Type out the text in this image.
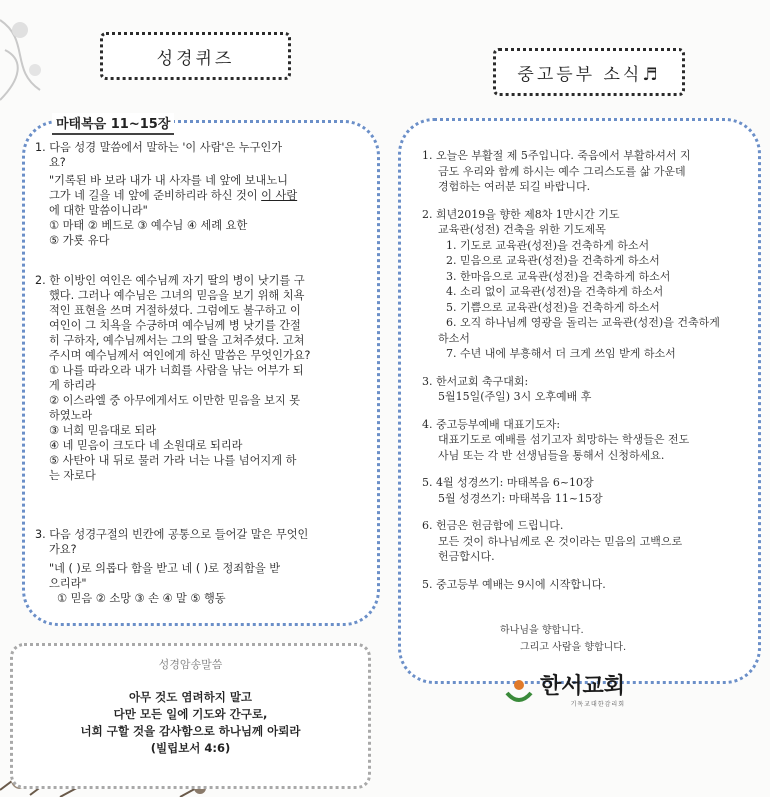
성경퀴즈
마태복음 11~15장

1. 다음 성경 말씀에서 말하는 '이 사람'은 누구인가

요?

"기록된 바 보라 내가 내 사자를 네 앞에 보내노니

그가 네 길을 네 앞에 준비하리라 하신 것이 이 사람

에 대한 말씀이니라"

① 마태 ② 베드로 ③ 예수님 ④ 세례 요한

⑤ 가룟 유다

2. 한 이방인 여인은 예수님께 자기 딸의 병이 낫기를 구

했다. 그러나 예수님은 그녀의 믿음을 보기 위해 치욕

적인 표현을 쓰며 거절하셨다. 그럼에도 불구하고 이

여인이 그 치욕을 수긍하며 예수님께 병 낫기를 간절

히 구하자, 예수님께서는 그의 딸을 고쳐주셨다. 고쳐

주시며 예수님께서 여인에게 하신 말씀은 무엇인가요?

① 나를 따라오라 내가 너희를 사람을 낚는 어부가 되

게 하리라

② 이스라엘 중 아무에게서도 이만한 믿음을 보지 못

하였노라

③ 너희 믿음대로 되라

④ 네 믿음이 크도다 네 소원대로 되리라

⑤ 사탄아 내 뒤로 물러 가라 너는 나를 넘어지게 하

는 자로다

3. 다음 성경구절의 빈칸에 공통으로 들어갈 말은 무엇인

가요?

"네 ( )로 의롭다 함을 받고 네 ( )로 정죄함을 받

으리라"

① 믿음 ② 소망 ③ 손 ④ 말 ⑤ 행동

성경암송말씀
아무 것도 염려하지 말고
다만 모든 일에 기도와 간구로,
너희 구할 것을 감사함으로 하나님께 아뢰라
(빌립보서 4:6)
중고등부 소식♬

1. 오늘은 부활절 제 5주입니다. 죽음에서 부활하셔서 지

금도 우리와 함께 하시는 예수 그리스도를 삶 가운데

경험하는 여러분 되길 바랍니다.

2. 희년2019을 향한 제8차 1만시간 기도

교육관(성전) 건축을 위한 기도제목

1. 기도로 교육관(성전)을 건축하게 하소서

2. 믿음으로 교육관(성전)을 건축하게 하소서

3. 한마음으로 교육관(성전)을 건축하게 하소서

4. 소리 없이 교육관(성전)을 건축하게 하소서

5. 기쁨으로 교육관(성전)을 건축하게 하소서

6. 오직 하나님께 영광을 돌리는 교육관(성전)을 건축하게

하소서

7. 수년 내에 부흥해서 더 크게 쓰임 받게 하소서

3. 한서교회 축구대회:

5월15일(주일) 3시 오후예배 후

4. 중고등부예배 대표기도자:

대표기도로 예배를 섬기고자 희망하는 학생들은 전도

사님 또는 각 반 선생님들을 통해서 신청하세요.

5. 4월 성경쓰기: 마태복음 6~10장

5월 성경쓰기: 마태복음 11~15장

6. 헌금은 헌금함에 드립니다.

모든 것이 하나님께로 온 것이라는 믿음의 고백으로

헌금합시다.

5. 중고등부 예배는 9시에 시작합니다.

하나님을 향합니다.
그리고 사람을 향합니다.
한서교회
기독교대한감리회
